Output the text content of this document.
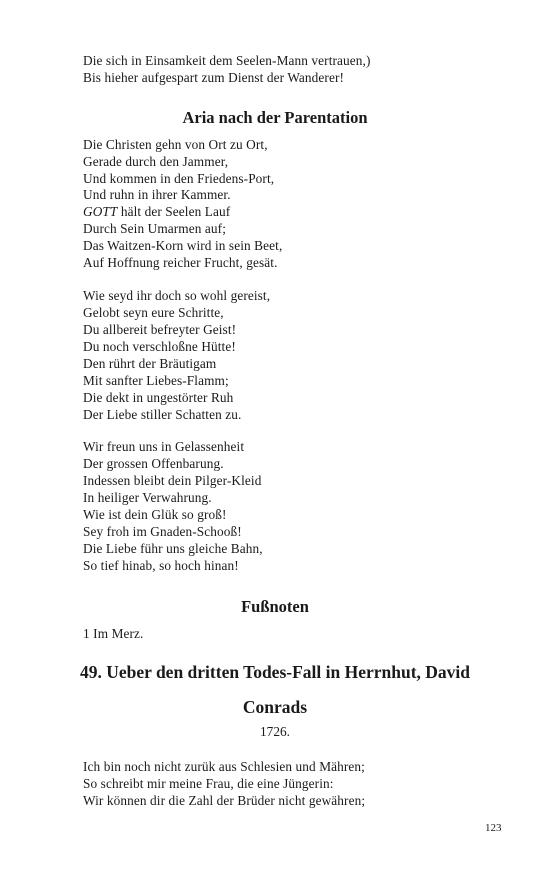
Die sich in Einsamkeit dem Seelen-Mann vertrauen,)
Bis hieher aufgespart zum Dienst der Wanderer!
Aria nach der Parentation
Die Christen gehn von Ort zu Ort,
Gerade durch den Jammer,
Und kommen in den Friedens-Port,
Und ruhn in ihrer Kammer.
GOTT hält der Seelen Lauf
Durch Sein Umarmen auf;
Das Waitzen-Korn wird in sein Beet,
Auf Hoffnung reicher Frucht, gesät.
Wie seyd ihr doch so wohl gereist,
Gelobt seyn eure Schritte,
Du allbereit befreyter Geist!
Du noch verschloßne Hütte!
Den rührt der Bräutigam
Mit sanfter Liebes-Flamm;
Die dekt in ungestörter Ruh
Der Liebe stiller Schatten zu.
Wir freun uns in Gelassenheit
Der grossen Offenbarung.
Indessen bleibt dein Pilger-Kleid
In heiliger Verwahrung.
Wie ist dein Glük so groß!
Sey froh im Gnaden-Schooß!
Die Liebe führ uns gleiche Bahn,
So tief hinab, so hoch hinan!
Fußnoten
1 Im Merz.
49. Ueber den dritten Todes-Fall in Herrnhut, David
Conrads
1726.
Ich bin noch nicht zurük aus Schlesien und Mähren;
So schreibt mir meine Frau, die eine Jüngerin:
Wir können dir die Zahl der Brüder nicht gewähren;
123
